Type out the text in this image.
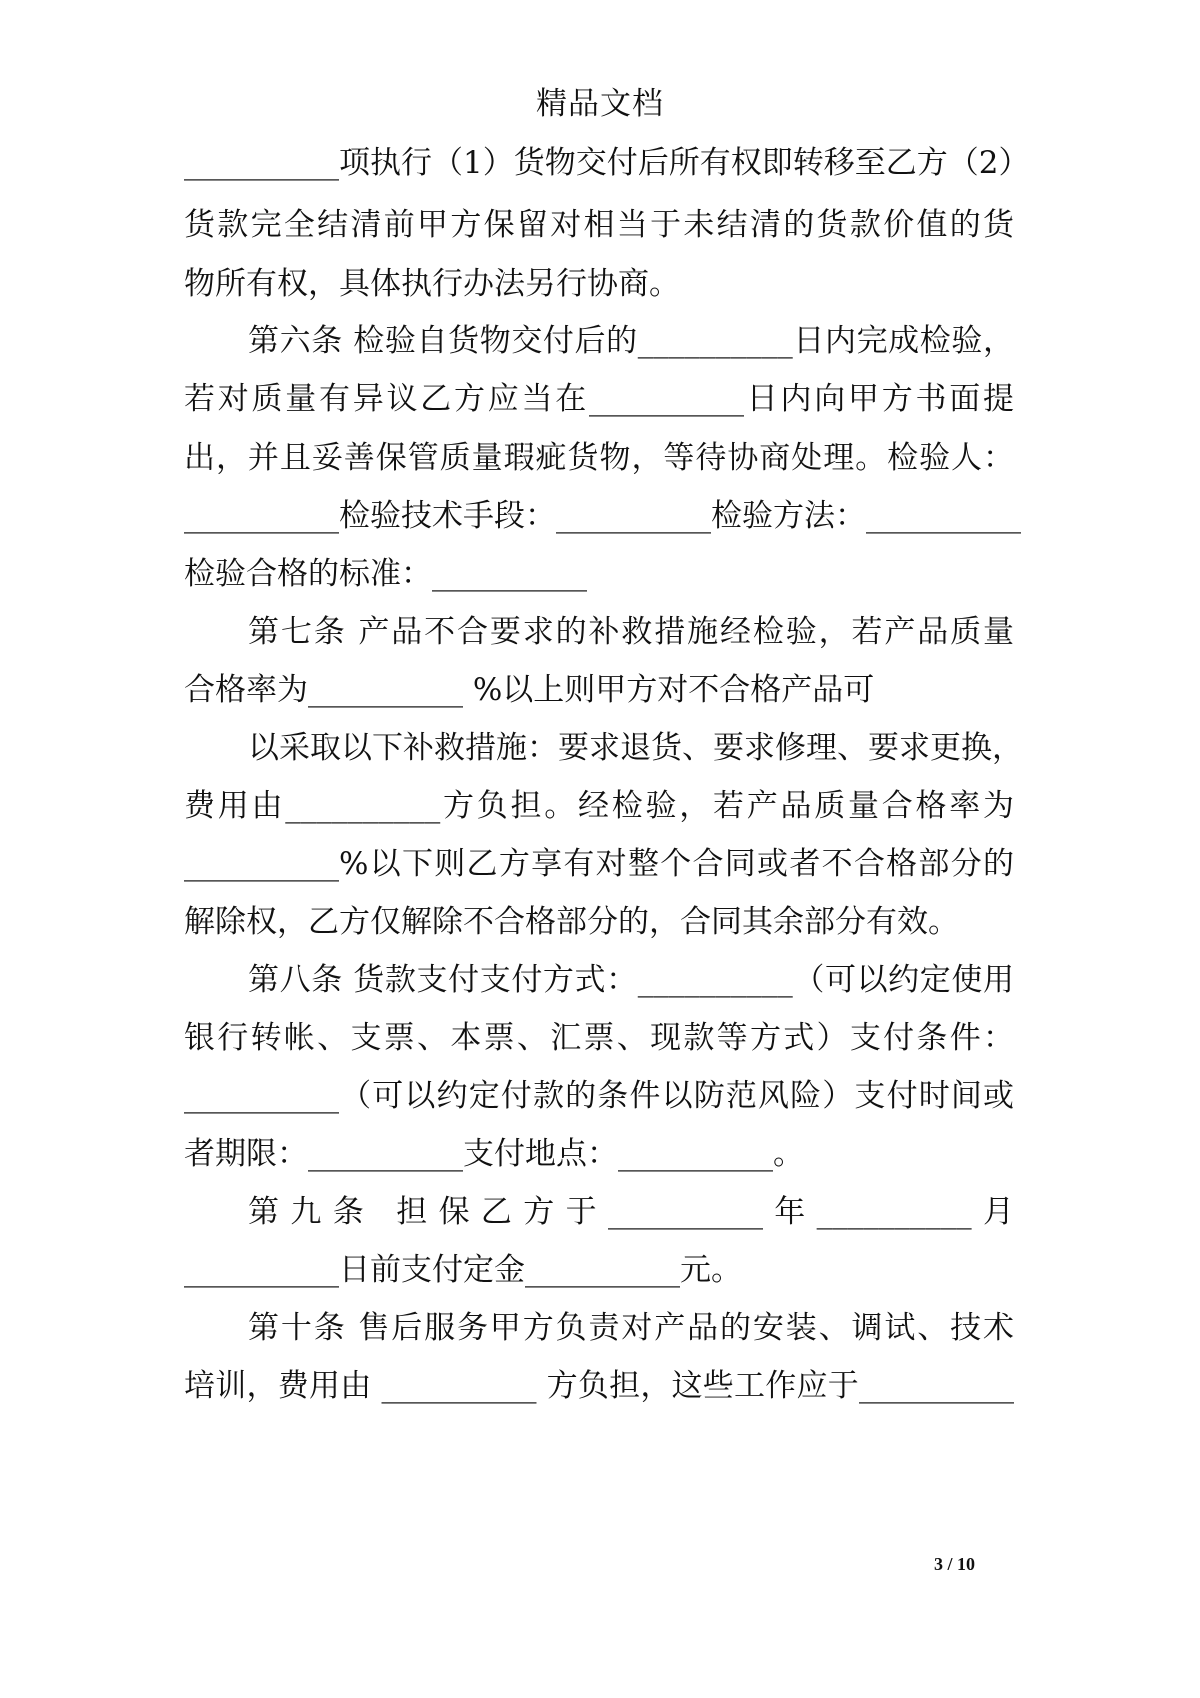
精品文档
__________项执行（1）货物交付后所有权即转移至乙方（2）
货款完全结清前甲方保留对相当于未结清的货款价值的货
物所有权，具体执行办法另行协商。
第六条 检验自货物交付后的__________日内完成检验，
若对质量有异议乙方应当在__________日内向甲方书面提
出，并且妥善保管质量瑕疵货物，等待协商处理。检验人：
__________检验技术手段：__________检验方法：__________
检验合格的标准：__________
第七条 产品不合要求的补救措施经检验，若产品质量
合格率为__________ %以上则甲方对不合格产品可
以采取以下补救措施：要求退货、要求修理、要求更换，
费用由__________方负担。经检验，若产品质量合格率为
__________%以下则乙方享有对整个合同或者不合格部分的
解除权，乙方仅解除不合格部分的，合同其余部分有效。
第八条 货款支付支付方式：__________（可以约定使用
银行转帐、支票、本票、汇票、现款等方式）支付条件：
__________（可以约定付款的条件以防范风险）支付时间或
者期限：__________支付地点：__________。
第九条 担保乙方于__________年__________月
__________日前支付定金__________元。
第十条 售后服务甲方负责对产品的安装、调试、技术
培训，费用由 __________ 方负担，这些工作应于__________
3 / 10
